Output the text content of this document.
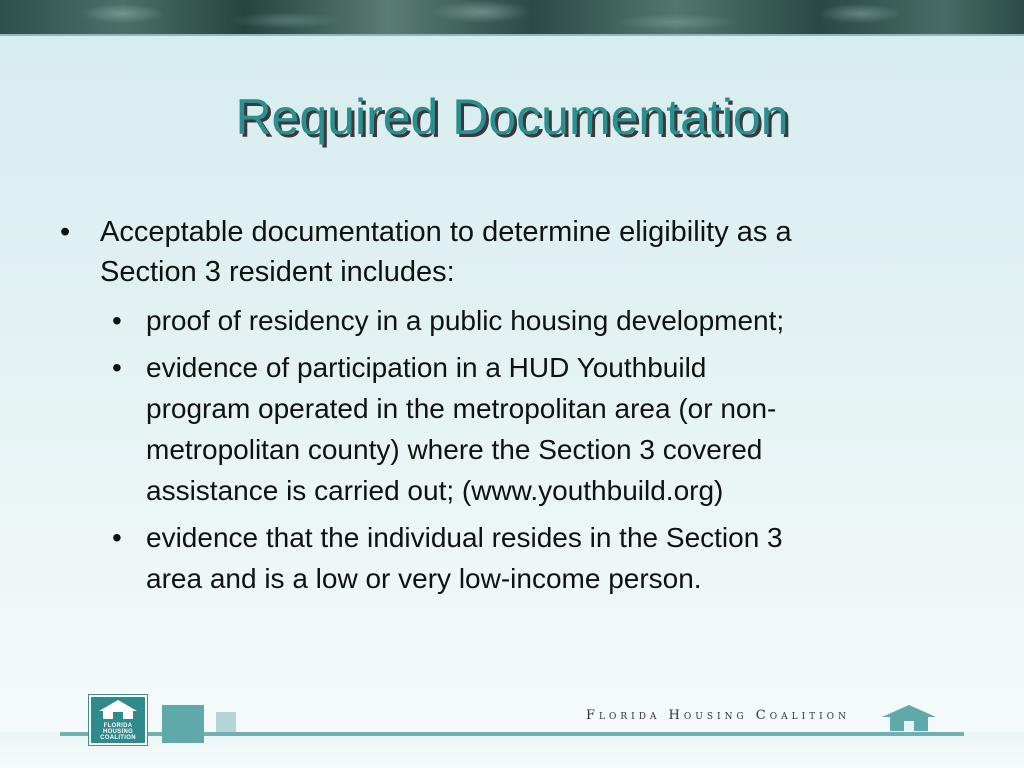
Required Documentation
• Acceptable documentation to determine eligibility as a
Section 3 resident includes:
• proof of residency in a public housing development;
• evidence of participation in a HUD Youthbuild
program operated in the metropolitan area (or non-
metropolitan county) where the Section 3 covered
assistance is carried out; (www.youthbuild.org)
• evidence that the individual resides in the Section 3
area and is a low or very low-income person.
FLORIDA
HOUSING
COALITION
Florida Housing Coalition
